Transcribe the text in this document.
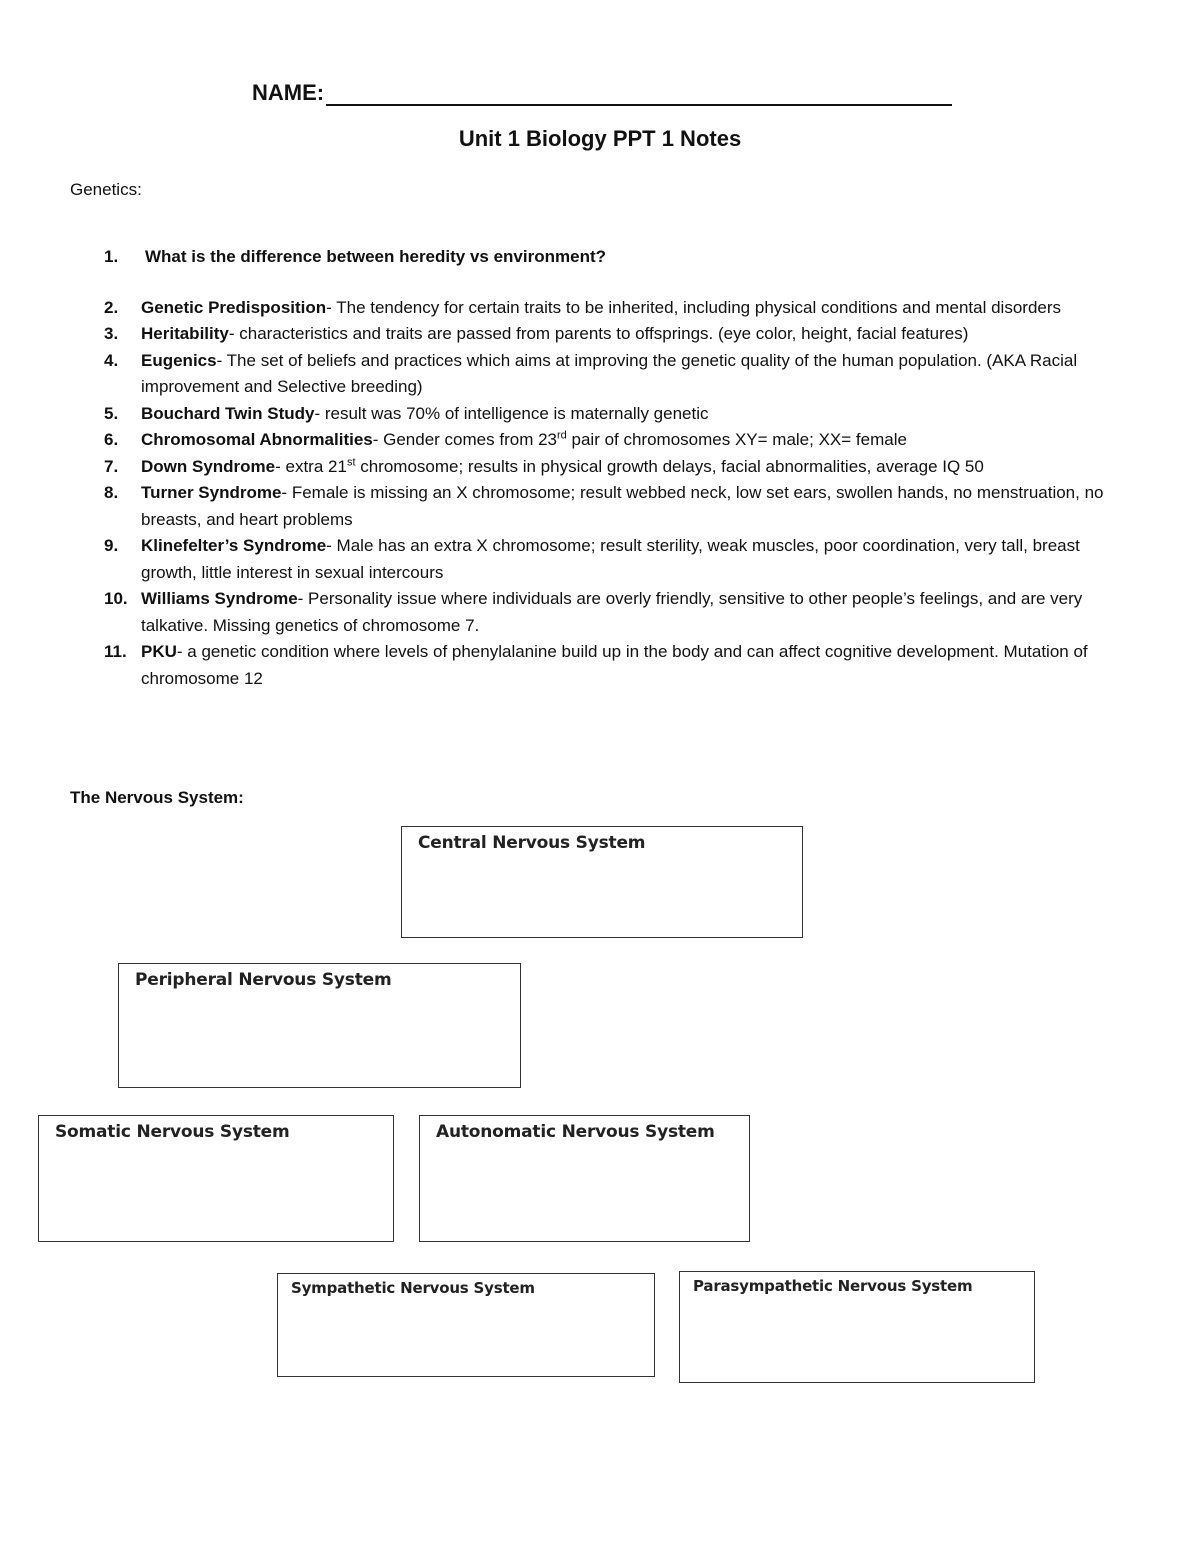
NAME:
Unit 1 Biology PPT 1 Notes
Genetics:
1.	What is the difference between heredity vs environment?
2.	Genetic Predisposition- The tendency for certain traits to be inherited, including physical conditions and mental disorders
3.	Heritability- characteristics and traits are passed from parents to offsprings. (eye color, height, facial features)
4.	Eugenics- The set of beliefs and practices which aims at improving the genetic quality of the human population. (AKA Racial improvement and Selective breeding)
5.	Bouchard Twin Study- result was 70% of intelligence is maternally genetic
6.	Chromosomal Abnormalities- Gender comes from 23rd pair of chromosomes XY= male; XX= female
7.	Down Syndrome- extra 21st chromosome; results in physical growth delays, facial abnormalities, average IQ 50
8.	Turner Syndrome- Female is missing an X chromosome; result webbed neck, low set ears, swollen hands, no menstruation, no breasts, and heart problems
9.	Klinefelter’s Syndrome- Male has an extra X chromosome; result sterility, weak muscles, poor coordination, very tall, breast growth, little interest in sexual intercours
10. Williams Syndrome- Personality issue where individuals are overly friendly, sensitive to other people’s feelings, and are very talkative. Missing genetics of chromosome 7.
11. PKU- a genetic condition where levels of phenylalanine build up in the body and can affect cognitive development. Mutation of chromosome 12
The Nervous System:
Central Nervous System
Peripheral Nervous System
Somatic Nervous System	Autonomatic Nervous System
Sympathetic Nervous System	Parasympathetic Nervous System
